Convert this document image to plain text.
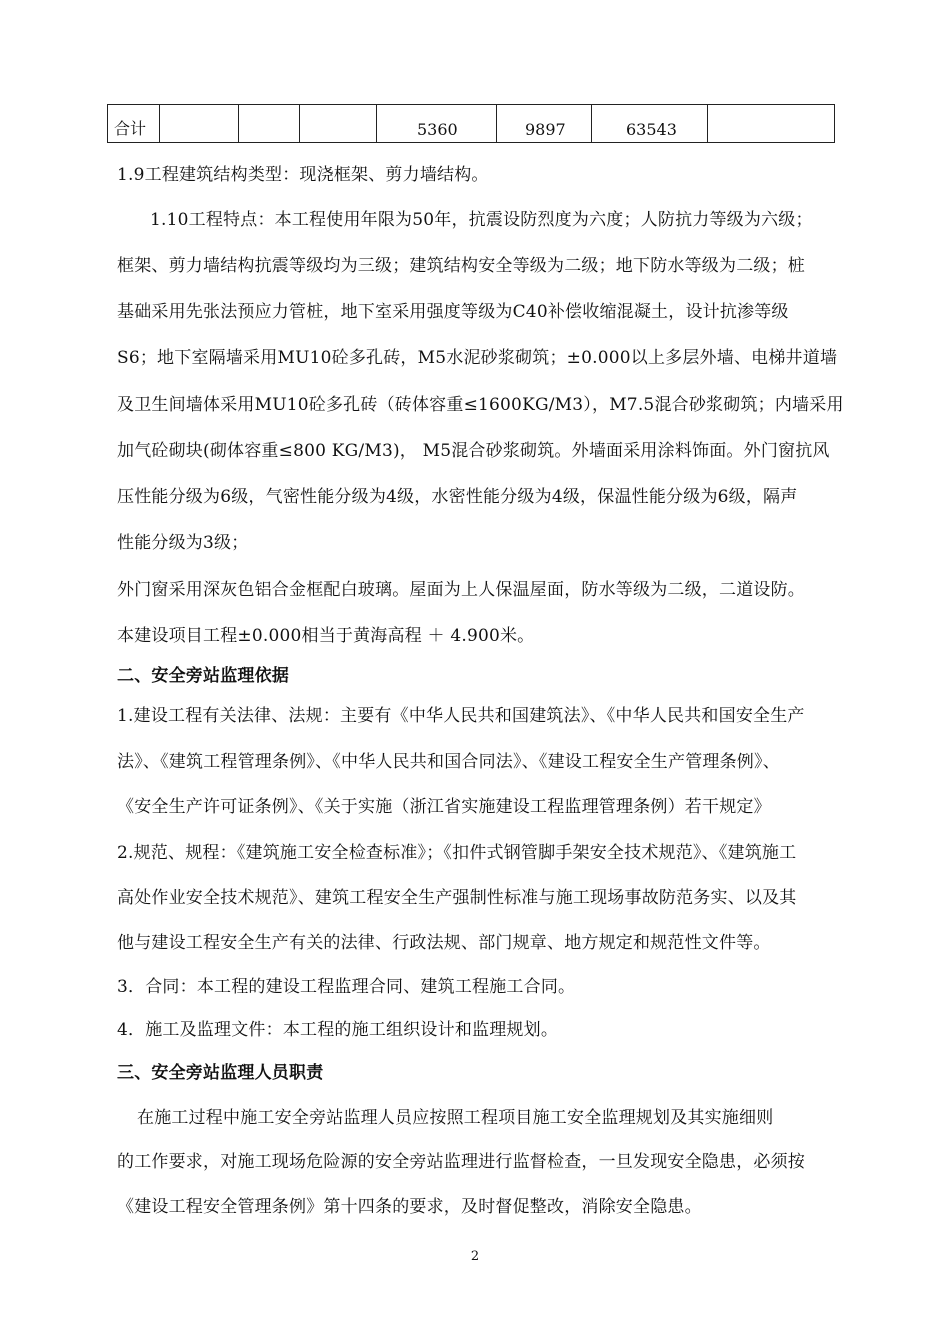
合计				5360	9897	63543	
1.9工程建筑结构类型：现浇框架、剪力墙结构。
1.10工程特点：本工程使用年限为50年，抗震设防烈度为六度；人防抗力等级为六级；
框架、剪力墙结构抗震等级均为三级；建筑结构安全等级为二级；地下防水等级为二级；桩
基础采用先张法预应力管桩，地下室采用强度等级为C40补偿收缩混凝土，设计抗渗等级
S6；地下室隔墙采用MU10砼多孔砖，M5水泥砂浆砌筑；±0.000以上多层外墙、电梯井道墙
及卫生间墙体采用MU10砼多孔砖（砖体容重≤1600KG/M3），M7.5混合砂浆砌筑；内墙采用
加气砼砌块(砌体容重≤800 KG/M3)， M5混合砂浆砌筑。外墙面采用涂料饰面。外门窗抗风
压性能分级为6级，气密性能分级为4级，水密性能分级为4级，保温性能分级为6级，隔声
性能分级为3级；
外门窗采用深灰色铝合金框配白玻璃。屋面为上人保温屋面，防水等级为二级，二道设防。
本建设项目工程±0.000相当于黄海高程 ＋ 4.900米。
二、安全旁站监理依据
1.建设工程有关法律、法规：主要有《中华人民共和国建筑法》、《中华人民共和国安全生产
法》、《建筑工程管理条例》、《中华人民共和国合同法》、《建设工程安全生产管理条例》、
《安全生产许可证条例》、《关于实施（浙江省实施建设工程监理管理条例）若干规定》
2.规范、规程：《建筑施工安全检查标准》；《扣件式钢管脚手架安全技术规范》、《建筑施工
高处作业安全技术规范》、建筑工程安全生产强制性标准与施工现场事故防范务实、以及其
他与建设工程安全生产有关的法律、行政法规、部门规章、地方规定和规范性文件等。
3．合同：本工程的建设工程监理合同、建筑工程施工合同。
4．施工及监理文件：本工程的施工组织设计和监理规划。
三、安全旁站监理人员职责
在施工过程中施工安全旁站监理人员应按照工程项目施工安全监理规划及其实施细则
的工作要求，对施工现场危险源的安全旁站监理进行监督检查，一旦发现安全隐患，必须按
《建设工程安全管理条例》第十四条的要求，及时督促整改，消除安全隐患。
2
